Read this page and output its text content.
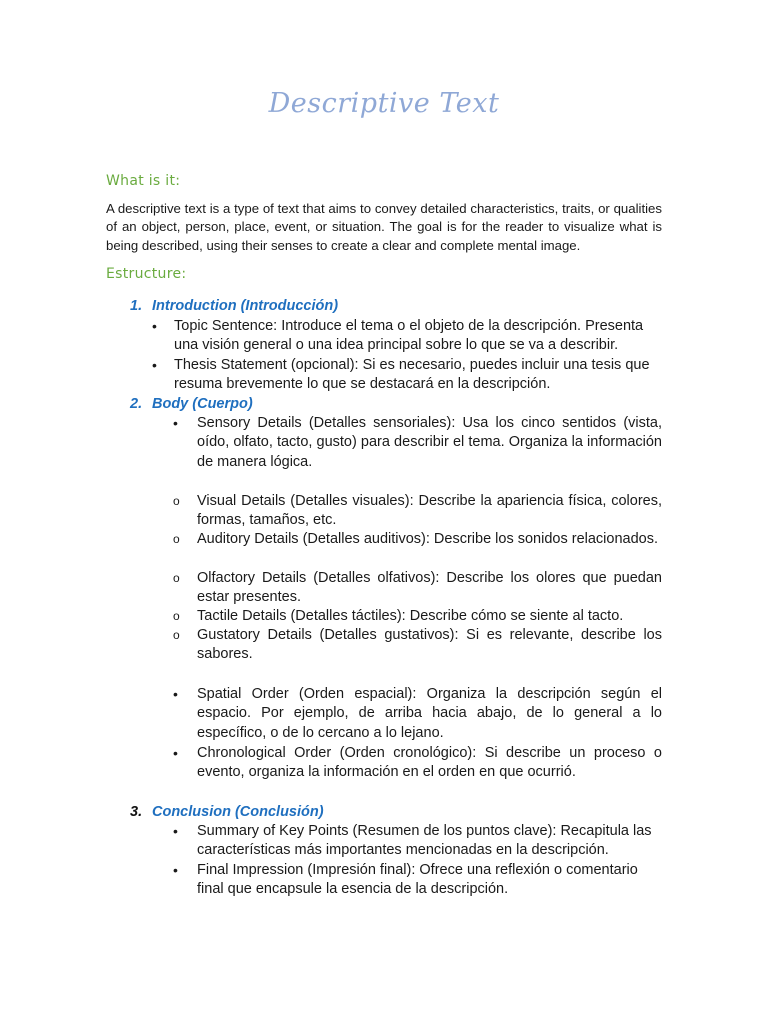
Descriptive Text
What is it:
A descriptive text is a type of text that aims to convey detailed characteristics, traits, or qualities of an object, person, place, event, or situation. The goal is for the reader to visualize what is being described, using their senses to create a clear and complete mental image.
Estructure:
1. Introduction (Introducción)
• Topic Sentence: Introduce el tema o el objeto de la descripción. Presenta una visión general o una idea principal sobre lo que se va a describir.
• Thesis Statement (opcional): Si es necesario, puedes incluir una tesis que resuma brevemente lo que se destacará en la descripción.
2. Body (Cuerpo)
• Sensory Details (Detalles sensoriales): Usa los cinco sentidos (vista, oído, olfato, tacto, gusto) para describir el tema. Organiza la información de manera lógica.
o Visual Details (Detalles visuales): Describe la apariencia física, colores, formas, tamaños, etc.
o Auditory Details (Detalles auditivos): Describe los sonidos relacionados.
o Olfactory Details (Detalles olfativos): Describe los olores que puedan estar presentes.
o Tactile Details (Detalles táctiles): Describe cómo se siente al tacto.
o Gustatory Details (Detalles gustativos): Si es relevante, describe los sabores.
• Spatial Order (Orden espacial): Organiza la descripción según el espacio. Por ejemplo, de arriba hacia abajo, de lo general a lo específico, o de lo cercano a lo lejano.
• Chronological Order (Orden cronológico): Si describe un proceso o evento, organiza la información en el orden en que ocurrió.
3. Conclusion (Conclusión)
• Summary of Key Points (Resumen de los puntos clave): Recapitula las características más importantes mencionadas en la descripción.
• Final Impression (Impresión final): Ofrece una reflexión o comentario final que encapsule la esencia de la descripción.
